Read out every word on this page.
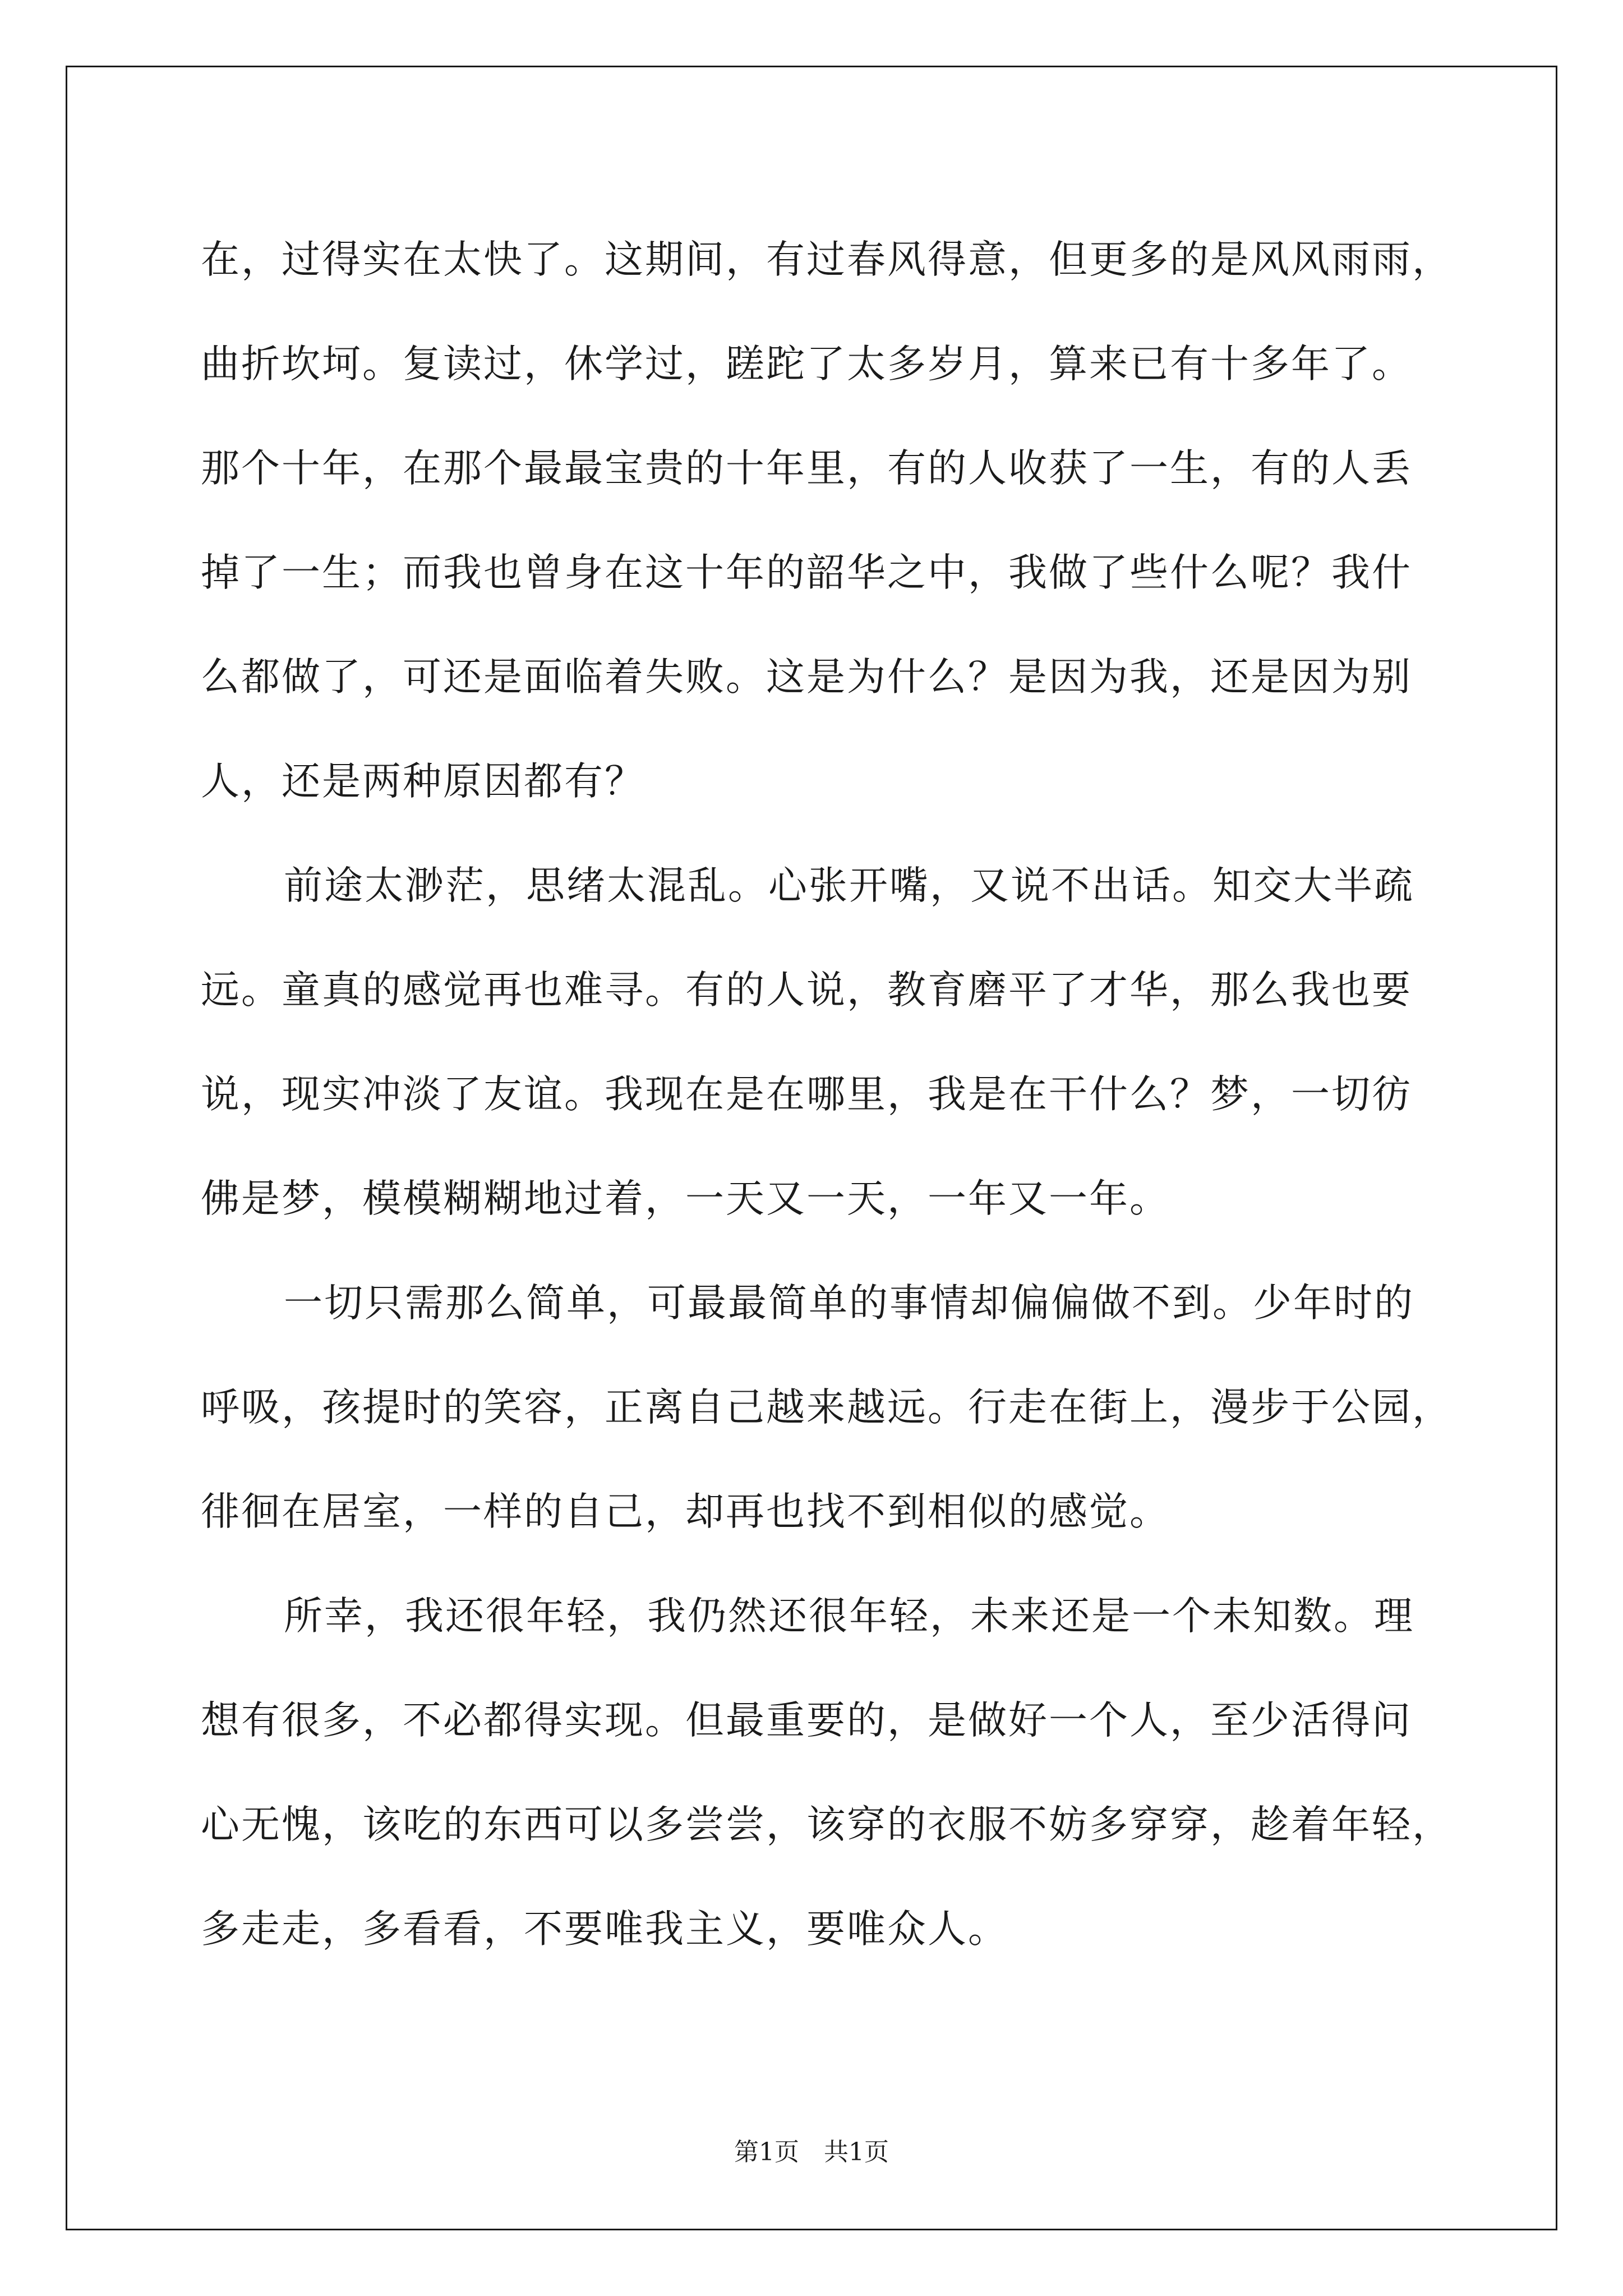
在，过得实在太快了。这期间，有过春风得意，但更多的是风风雨雨，
曲折坎坷。复读过，休学过，蹉跎了太多岁月，算来已有十多年了。
那个十年，在那个最最宝贵的十年里，有的人收获了一生，有的人丢
掉了一生；而我也曾身在这十年的韶华之中，我做了些什么呢？我什
么都做了，可还是面临着失败。这是为什么？是因为我，还是因为别
人，还是两种原因都有？
前途太渺茫，思绪太混乱。心张开嘴，又说不出话。知交大半疏
远。童真的感觉再也难寻。有的人说，教育磨平了才华，那么我也要
说，现实冲淡了友谊。我现在是在哪里，我是在干什么？梦，一切彷
佛是梦，模模糊糊地过着，一天又一天，一年又一年。
一切只需那么简单，可最最简单的事情却偏偏做不到。少年时的
呼吸，孩提时的笑容，正离自己越来越远。行走在街上，漫步于公园，
徘徊在居室，一样的自己，却再也找不到相似的感觉。
所幸，我还很年轻，我仍然还很年轻，未来还是一个未知数。理
想有很多，不必都得实现。但最重要的，是做好一个人，至少活得问
心无愧，该吃的东西可以多尝尝，该穿的衣服不妨多穿穿，趁着年轻，
多走走，多看看，不要唯我主义，要唯众人。
第1页　共1页
